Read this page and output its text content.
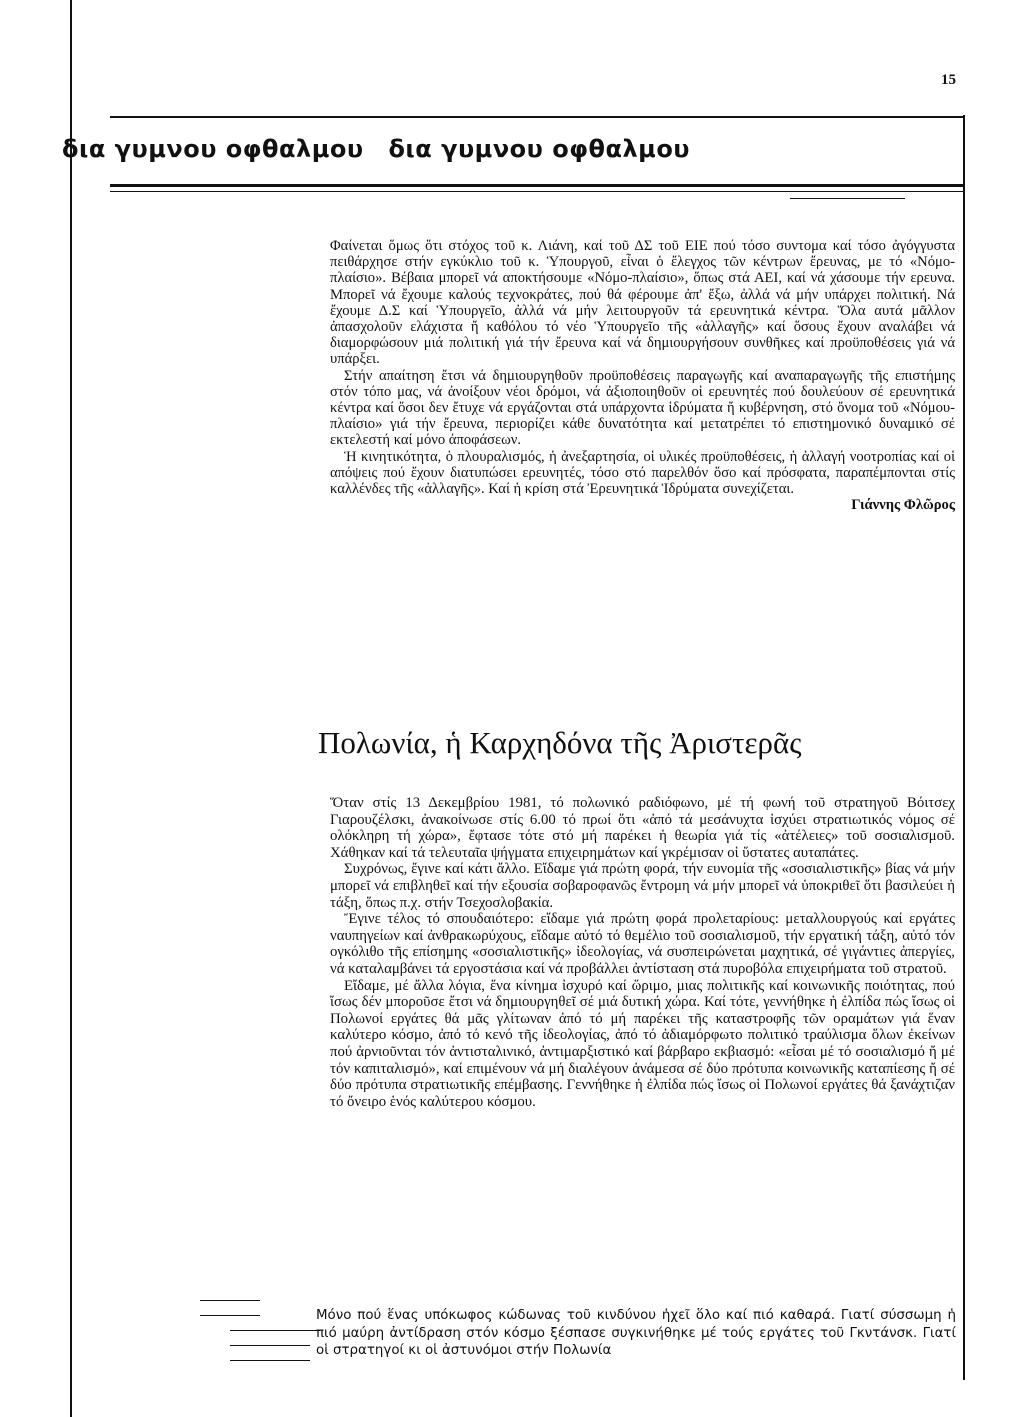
15
δια γυμνου οφθαλμου δια γυμνου οφθαλμου

Φαίνεται ὅμως ὅτι στόχος τοῦ κ. Λιάνη, καί τοῦ ΔΣ τοῦ ΕΙΕ πού τόσο συντομα καί τόσο ἀγόγγυστα πειθάρχησε στήν εγκύκλιο τοῦ κ. Ὑπουργοῦ, εἶναι ὁ ἔλεγχος τῶν κέντρων ἔρευνας, με τό «Νόμο-πλαίσιο». Βέβαια μπορεῖ νά αποκτήσουμε «Νόμο-πλαίσιο», ὅπως στά ΑΕΙ, καί νά χάσουμε τήν ερευνα. Μπορεῖ νά ἔχουμε καλούς τεχνοκράτες, πού θά φέρουμε ἀπ' ἔξω, ἀλλά νά μήν υπάρχει πολιτική. Νά ἔχουμε Δ.Σ καί Ὑπουργεῖο, ἀλλά νά μήν λειτουργοῦν τά ερευνητικά κέντρα. Ὅλα αυτά μᾶλλον ἀπασχολοῦν ελάχιστα ἤ καθόλου τό νέο Ὑπουργεῖο τῆς «ἀλλαγῆς» καί ὅσους ἔχουν αναλάβει νά διαμορφώσουν μιά πολιτική γιά τήν ἔρευνα καί νά δημιουργήσουν συνθῆκες καί προϋποθέσεις γιά νά υπάρξει.

Στήν απαίτηση ἔτσι νά δημιουργηθοῦν προϋποθέσεις παραγωγῆς καί αναπαραγωγῆς τῆς επιστήμης στόν τόπο μας, νά ἀνοίξουν νέοι δρόμοι, νά ἀξιοποιηθοῦν οἱ ερευνητές πού δουλεύουν σέ ερευνητικά κέντρα καί ὅσοι δεν ἔτυχε νά εργάζονται στά υπάρχοντα ἱδρύματα ἤ κυβέρνηση, στό ὄνομα τοῦ «Νόμου-πλαίσιο» γιά τήν ἔρευνα, περιορίζει κάθε δυνατότητα καί μετατρέπει τό επιστημονικό δυναμικό σέ εκτελεστή καί μόνο ἀποφάσεων.

Ἡ κινητικότητα, ὁ πλουραλισμός, ἡ ἀνεξαρτησία, οἱ υλικές προϋποθέσεις, ἡ ἀλλαγή νοοτροπίας καί οἱ απόψεις πού ἔχουν διατυπώσει ερευνητές, τόσο στό παρελθόν ὅσο καί πρόσφατα, παραπέμπονται στίς καλλένδες τῆς «ἀλλαγῆς». Καί ἡ κρίση στά Ἐρευνητικά Ἱδρύματα συνεχίζεται.

Γιάννης Φλῶρος

Πολωνία, ἡ Καρχηδόνα τῆς Ἀριστερᾶς

Ὅταν στίς 13 Δεκεμβρίου 1981, τό πολωνικό ραδιόφωνο, μέ τή φωνή τοῦ στρατηγοῦ Βόιτσεχ Γιαρουζέλσκι, ἀνακοίνωσε στίς 6.00 τό πρωί ὅτι «ἀπό τά μεσάνυχτα ἰσχύει στρατιωτικός νόμος σέ ολόκληρη τή χώρα», ἔφτασε τότε στό μή παρέκει ἡ θεωρία γιά τίς «ἀτέλειες» τοῦ σοσιαλισμοῦ. Χάθηκαν καί τά τελευταῖα ψήγματα επιχειρημάτων καί γκρέμισαν οἱ ὕστατες αυταπάτες.

Συχρόνως, ἔγινε καί κάτι ἄλλο. Εἴδαμε γιά πρώτη φορά, τήν ευνομία τῆς «σοσιαλιστικῆς» βίας νά μήν μπορεῖ νά επιβληθεῖ καί τήν εξουσία σοβαροφανῶς ἔντρομη νά μήν μπορεῖ νά ὑποκριθεῖ ὅτι βασιλεύει ἡ τάξη, ὅπως π.χ. στήν Τσεχοσλοβακία.

Ἔγινε τέλος τό σπουδαιότερο: εἴδαμε γιά πρώτη φορά προλεταρίους: μεταλλουργούς καί εργάτες ναυπηγείων καί ἀνθρακωρύχους, εἴδαμε αὐτό τό θεμέλιο τοῦ σοσιαλισμοῦ, τήν εργατική τάξη, αὐτό τόν ογκόλιθο τῆς επίσημης «σοσιαλιστικῆς» ἰδεολογίας, νά συσπειρώνεται μαχητικά, σέ γιγάντιες ἀπεργίες, νά καταλαμβάνει τά εργοστάσια καί νά προβάλλει ἀντίσταση στά πυροβόλα επιχειρήματα τοῦ στρατοῦ.

Εἴδαμε, μέ ἄλλα λόγια, ἕνα κίνημα ἰσχυρό καί ὥριμο, μιας πολιτικῆς καί κοινωνικῆς ποιότητας, πού ἴσως δέν μποροῦσε ἔτσι νά δημιουργηθεῖ σέ μιά δυτική χώρα. Καί τότε, γεννήθηκε ἡ ἐλπίδα πώς ἴσως οἱ Πολωνοί εργάτες θά μᾶς γλίτωναν ἀπό τό μή παρέκει τῆς καταστροφῆς τῶν οραμάτων γιά ἕναν καλύτερο κόσμο, ἀπό τό κενό τῆς ἰδεολογίας, ἀπό τό ἀδιαμόρφωτο πολιτικό τραύλισμα ὅλων ἐκείνων πού ἀρνιοῦνται τόν ἀντισταλινικό, ἀντιμαρξιστικό καί βάρβαρο εκβιασμό: «εἶσαι μέ τό σοσιαλισμό ἤ μέ τόν καπιταλισμό», καί επιμένουν νά μή διαλέγουν ἀνάμεσα σέ δύο πρότυπα κοινωνικῆς καταπίεσης ἤ σέ δύο πρότυπα στρατιωτικῆς επέμβασης. Γεννήθηκε ἡ ἐλπίδα πώς ἴσως οἱ Πολωνοί εργάτες θά ξανάχτιζαν τό ὄνειρο ἑνός καλύτερου κόσμου.

Μόνο πού ἕνας υπόκωφος κώδωνας τοῦ κινδύνου ἠχεῖ ὅλο καί πιό καθαρά. Γιατί σύσσωμη ἡ πιό μαύρη ἀντίδραση στόν κόσμο ξέσπασε συγκινήθηκε μέ τούς εργάτες τοῦ Γκντάνσκ. Γιατί οἱ στρατηγοί κι οἱ ἀστυνόμοι στήν Πολωνία
